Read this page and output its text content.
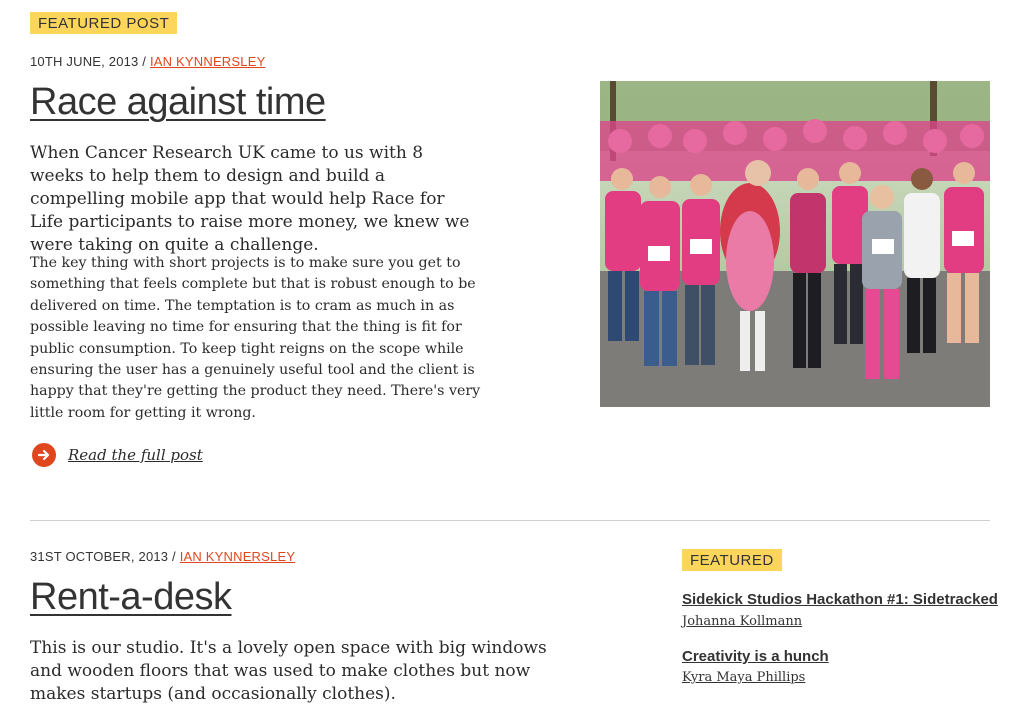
FEATURED POST
10TH JUNE, 2013 / IAN KYNNERSLEY
Race against time

When Cancer Research UK came to us with 8 weeks to help them to design and build a compelling mobile app that would help Race for Life participants to raise more money, we knew we were taking on quite a challenge.

The key thing with short projects is to make sure you get to something that feels complete but that is robust enough to be delivered on time. The temptation is to cram as much in as possible leaving no time for ensuring that the thing is fit for public consumption. To keep tight reigns on the scope while ensuring the user has a genuinely useful tool and the client is happy that they're getting the product they need. There's very little room for getting it wrong.

Read the full post
31ST OCTOBER, 2013 / IAN KYNNERSLEY
Rent-a-desk

This is our studio. It's a lovely open space with big windows and wooden floors that was used to make clothes but now makes startups (and occasionally clothes).

FEATURED

Sidekick Studios Hackathon #1: Sidetracked

Johanna Kollmann

Creativity is a hunch

Kyra Maya Phillips
